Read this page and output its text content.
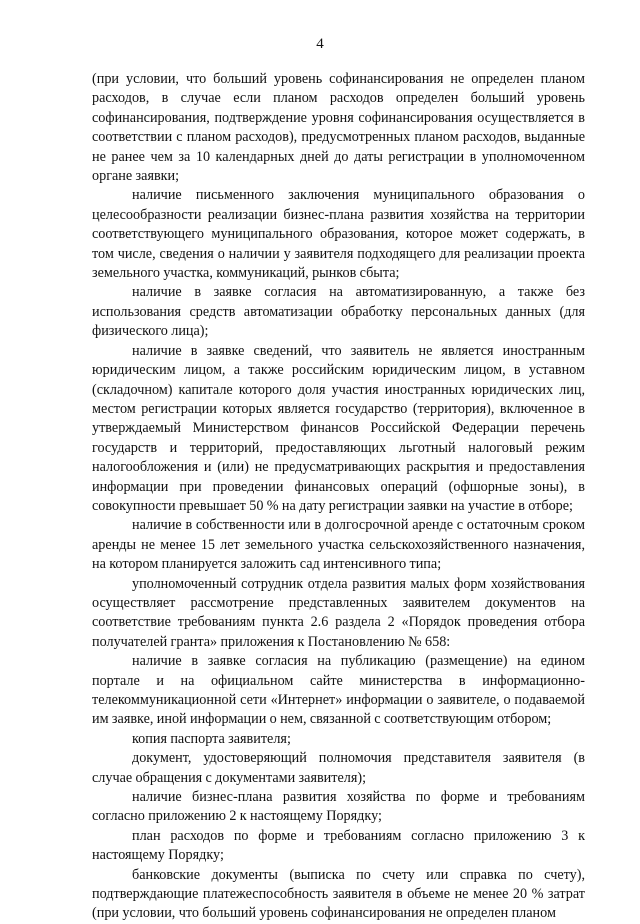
4

(при условии, что больший уровень софинансирования не определен планом расходов, в случае если планом расходов определен больший уровень софинансирования, подтверждение уровня софинансирования осуществляется в соответствии с планом расходов), предусмотренных планом расходов, выданные не ранее чем за 10 календарных дней до даты регистрации в уполномоченном органе заявки;

наличие письменного заключения муниципального образования о целесообразности реализации бизнес-плана развития хозяйства на территории соответствующего муниципального образования, которое может содержать, в том числе, сведения о наличии у заявителя подходящего для реализации проекта земельного участка, коммуникаций, рынков сбыта;

наличие в заявке согласия на автоматизированную, а также без использования средств автоматизации обработку персональных данных (для физического лица);

наличие в заявке сведений, что заявитель не является иностранным юридическим лицом, а также российским юридическим лицом, в уставном (складочном) капитале которого доля участия иностранных юридических лиц, местом регистрации которых является государство (территория), включенное в утверждаемый Министерством финансов Российской Федерации перечень государств и территорий, предоставляющих льготный налоговый режим налогообложения и (или) не предусматривающих раскрытия и предоставления информации при проведении финансовых операций (офшорные зоны), в совокупности превышает 50 % на дату регистрации заявки на участие в отборе;

наличие в собственности или в долгосрочной аренде с остаточным сроком аренды не менее 15 лет земельного участка сельскохозяйственного назначения, на котором планируется заложить сад интенсивного типа;

уполномоченный сотрудник отдела развития малых форм хозяйствования осуществляет рассмотрение представленных заявителем документов на соответствие требованиям пункта 2.6 раздела 2 «Порядок проведения отбора получателей гранта» приложения к Постановлению № 658:

наличие в заявке согласия на публикацию (размещение) на едином портале и на официальном сайте министерства в информационно-телекоммуникационной сети «Интернет» информации о заявителе, о подаваемой им заявке, иной информации о нем, связанной с соответствующим отбором;

копия паспорта заявителя;

документ, удостоверяющий полномочия представителя заявителя (в случае обращения с документами заявителя);

наличие бизнес-плана развития хозяйства по форме и требованиям согласно приложению 2 к настоящему Порядку;

план расходов по форме и требованиям согласно приложению 3 к настоящему Порядку;

банковские документы (выписка по счету или справка по счету), подтверждающие платежеспособность заявителя в объеме не менее 20 % затрат (при условии, что больший уровень софинансирования не определен планом
